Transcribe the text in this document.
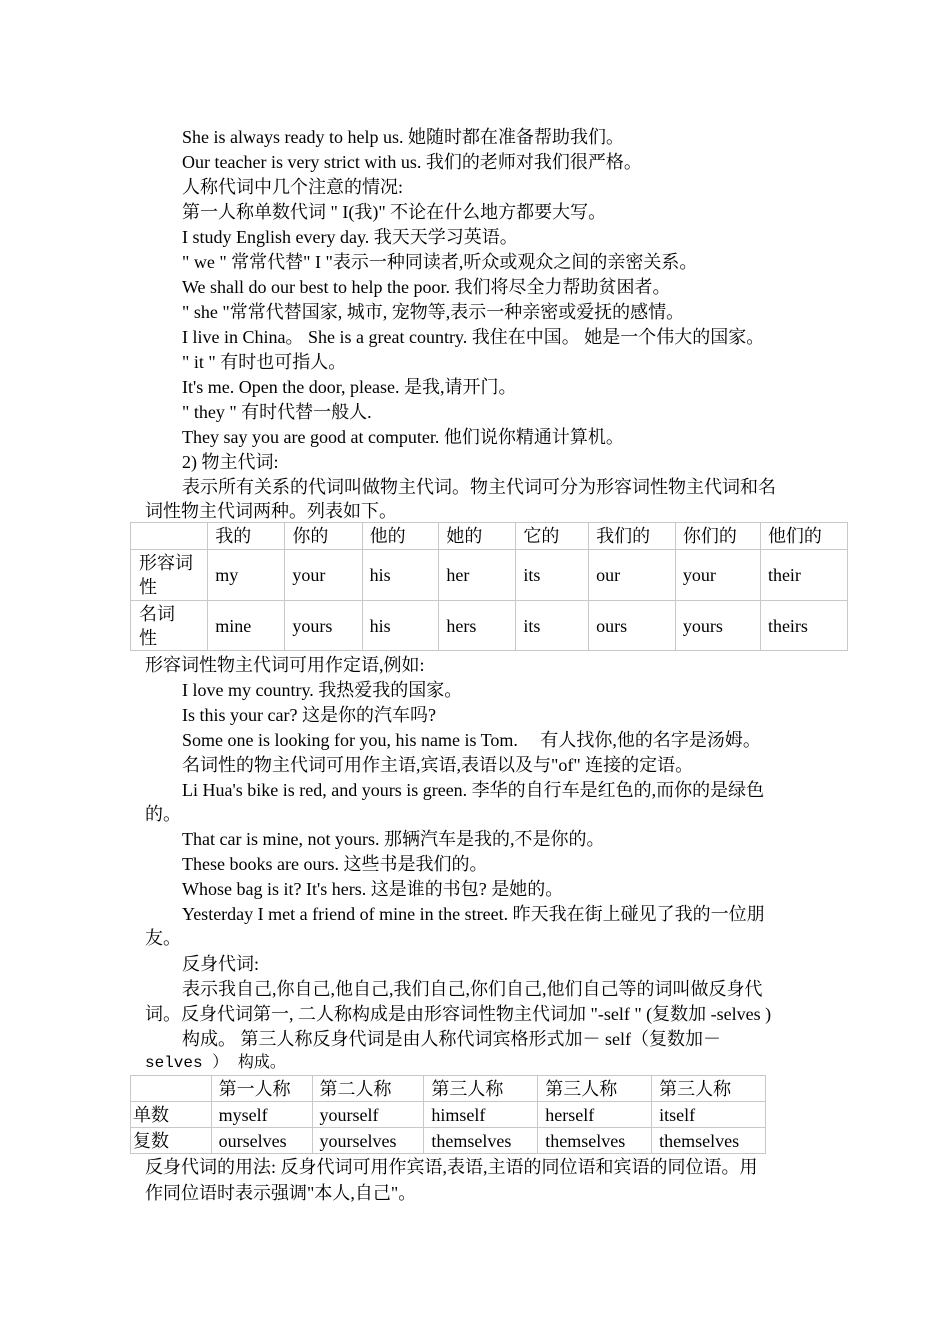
She is always ready to help us. 她随时都在准备帮助我们。
Our teacher is very strict with us. 我们的老师对我们很严格。
人称代词中几个注意的情况:
第一人称单数代词 " I(我)" 不论在什么地方都要大写。
I study English every day. 我天天学习英语。
" we " 常常代替" I "表示一种同读者,听众或观众之间的亲密关系。
We shall do our best to help the poor. 我们将尽全力帮助贫困者。
" she "常常代替国家, 城市, 宠物等,表示一种亲密或爱抚的感情。
I live in China。 She is a great country. 我住在中国。 她是一个伟大的国家。
" it " 有时也可指人。
It's me. Open the door, please. 是我,请开门。
" they " 有时代替一般人.
They say you are good at computer. 他们说你精通计算机。
2) 物主代词:
表示所有关系的代词叫做物主代词。物主代词可分为形容词性物主代词和名
词性物主代词两种。列表如下。
	我的	你的	他的	她的	它的	我们的	你们的	他们的
形容词性	my	your	his	her	its	our	your	their
名词性	mine	yours	his	hers	its	ours	yours	theirs
形容词性物主代词可用作定语,例如:
I love my country. 我热爱我的国家。
Is this your car? 这是你的汽车吗?
Some one is looking for you, his name is Tom.     有人找你,他的名字是汤姆。
名词性的物主代词可用作主语,宾语,表语以及与"of" 连接的定语。
Li Hua's bike is red, and yours is green. 李华的自行车是红色的,而你的是绿色
的。
That car is mine, not yours. 那辆汽车是我的,不是你的。
These books are ours. 这些书是我们的。
Whose bag is it? It's hers. 这是谁的书包? 是她的。
Yesterday I met a friend of mine in the street. 昨天我在街上碰见了我的一位朋
友。
反身代词:
表示我自己,你自己,他自己,我们自己,你们自己,他们自己等的词叫做反身代
词。反身代词第一, 二人称构成是由形容词性物主代词加 "-self " (复数加 -selves )
构成。 第三人称反身代词是由人称代词宾格形式加－ self（复数加－
selves ） 构成。
	第一人称	第二人称	第三人称	第三人称	第三人称
单数	myself	yourself	himself	herself	itself
复数	ourselves	yourselves	themselves	themselves	themselves
反身代词的用法: 反身代词可用作宾语,表语,主语的同位语和宾语的同位语。用
作同位语时表示强调"本人,自己"。
